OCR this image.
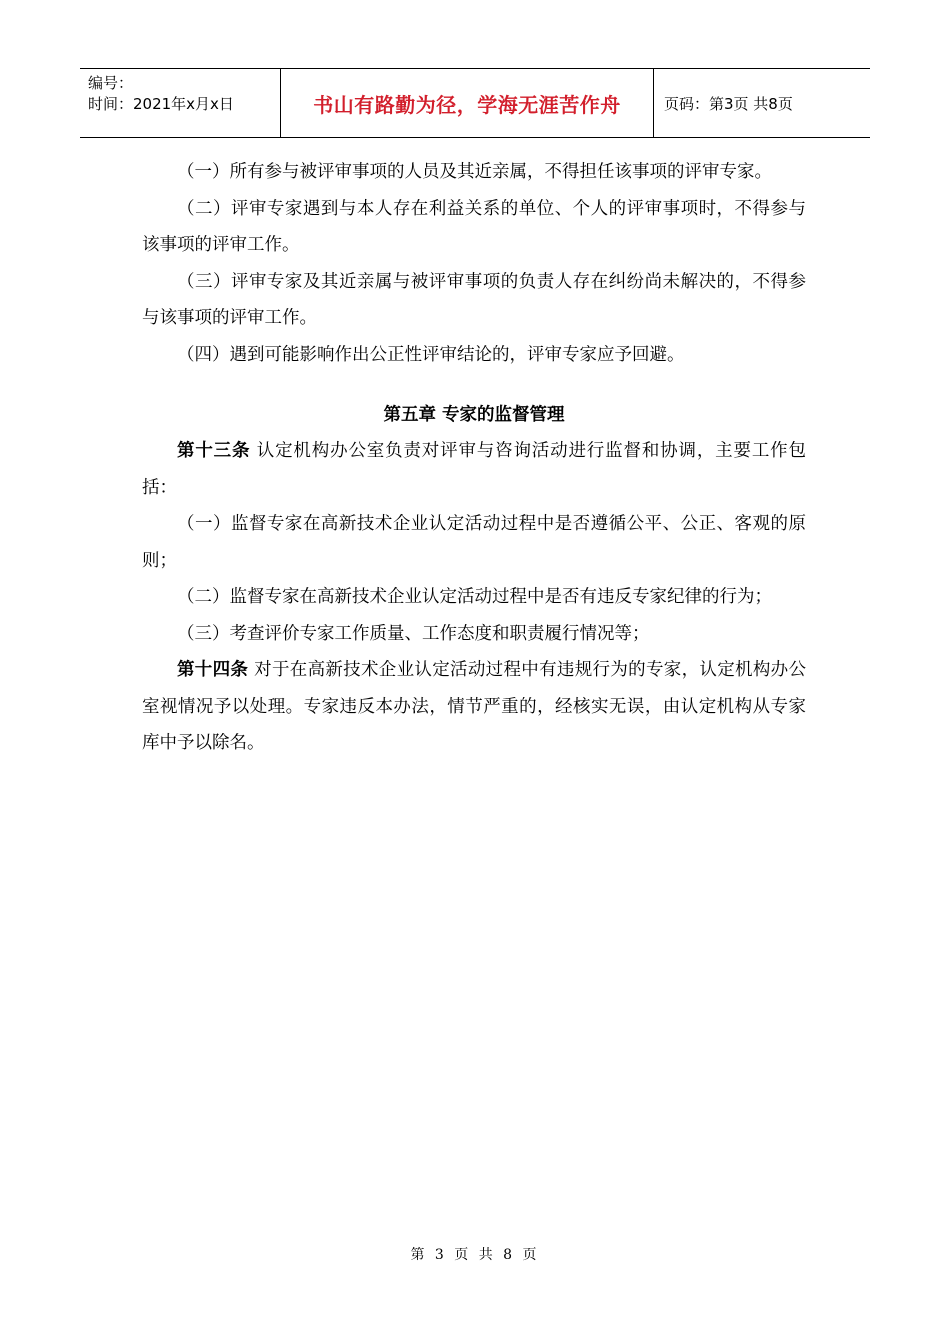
编号：
时间：2021年x月x日	书山有路勤为径，学海无涯苦作舟	页码：第3页 共8页

（一）所有参与被评审事项的人员及其近亲属，不得担任该事项的评审专家。

（二）评审专家遇到与本人存在利益关系的单位、个人的评审事项时，不得参与该事项的评审工作。

（三）评审专家及其近亲属与被评审事项的负责人存在纠纷尚未解决的，不得参与该事项的评审工作。

（四）遇到可能影响作出公正性评审结论的，评审专家应予回避。

第五章 专家的监督管理

第十三条 认定机构办公室负责对评审与咨询活动进行监督和协调，主要工作包括：

（一）监督专家在高新技术企业认定活动过程中是否遵循公平、公正、客观的原则；

（二）监督专家在高新技术企业认定活动过程中是否有违反专家纪律的行为；

（三）考查评价专家工作质量、工作态度和职责履行情况等；

第十四条 对于在高新技术企业认定活动过程中有违规行为的专家，认定机构办公室视情况予以处理。专家违反本办法，情节严重的，经核实无误，由认定机构从专家库中予以除名。

第 3 页 共 8 页
